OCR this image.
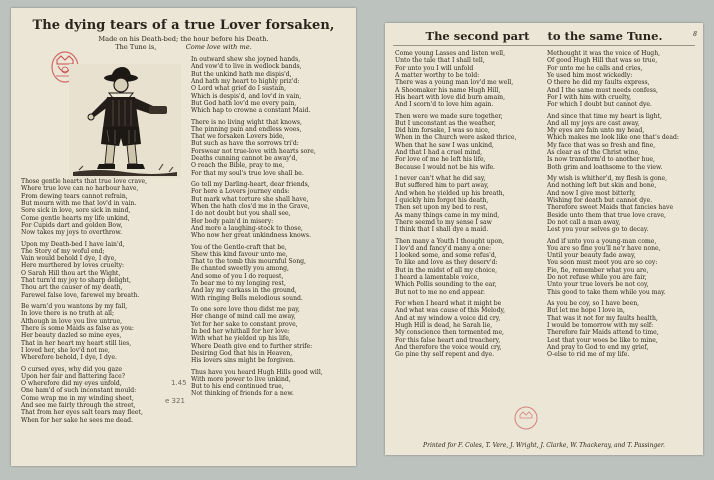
The dying tears of a true Lover forsaken,
Made on his Death-bed; the hour before his Death.
The Tune is,	Come love with me.
Those gentle hearts that true love crave,
Where true love can no harbour have,
From dewing tears cannot refrain,
But mourn with me that lov'd in vain.
Sore sick in love, sore sick in mind,
Come gentle hearts my life unkind,
For Cupids dart and golden Bow,
Now takes my joys to overthrow.
Upon my Death-bed I have lain'd,
The Story of my woful end;
Vain would behold I dye, I dye,
Here murthered by loves cruelty:
O Sarah Hill thou art the Wight,
That turn'd my joy to sharp delight,
Thou art the causer of my death,
Farewel false love, farewel my breath.
Be warn'd you wantons by my fall,
In love there is no truth at all;
Although in love you live untrue,
There is some Maids as false as you:
Her beauty dazled so mine eyes,
That in her heart my heart still lies,
I loved her, she lov'd not me,
Wherefore behold, I dye, I dye.
O cursed eyes, why did you gaze
Upon her fair and flattering face?
O wherefore did my eyes unfold,
One ham'd of such inconstant mould:
Come wrap me in my winding sheet,
And see me fairly through the street,
That from her eyes salt tears may fleet,
When for her sake he sees me dead.
In outward shew she joyned hands,
And vow'd to live in wedlock bands,
But the unkind hath me dispis'd,
And hath my heart to highly priz'd:
O Lord what grief do I sustain,
Which is despis'd, and lov'd in vain,
But God hath lov'd me every pain,
Which hap to crowne a constant Maid.
There is no living wight that knows,
The pinning pain and endless woes,
That we forsaken Lovers bide,
But such as have the sorrows tri'd:
Forswear not true-love with hearts sore,
Deaths cunning cannot be away'd,
O reach the Bible, pray to me,
For that my soul's true love shall be.
Go tell my Darling-heart, dear friends,
For here a Lovers journey ends:
But mark what torture she shall have,
When the hath clos'd me in the Grave,
I do not doubt but you shall see,
Her body pain'd in misery:
And more a laughing-stock to those,
Who now her great unkindness knows.
You of the Gentle-craft that be,
Shew this kind favour unto me,
That to the tomb this mournful Song,
Be chanted sweetly you among,
And some of you I do request,
To bear me to my longing rest,
And lay my carkass in the ground,
With ringing Bells melodious sound.
To one sore love thou didst me pay,
Her change of mind call me away,
Yet for her sake to constant prove,
In bed her whithall for her love:
With what he yielded up his life,
Where Death give end to further strife:
Desiring God that his in Heaven,
His lovers sins might be forgiven.
Thus have you heard Hugh Hills good will,
With more power to live unkind,
But to his end continued true,
Not thinking of friends for a new.
1.45
e 321
The second part to the same Tune.	8
Come young Lasses and listen well,
Unto the tale that I shall tell,
For unto you I will unfold
A matter worthy to be told:
There was a young man lov'd me well,
A Shoomaker his name Hugh Hill,
His heart with love did burn amain,
And I scorn'd to love him again.
Then were we made sure together,
But I unconstant as the weather,
Did him forsake, I was so nice,
When in the Church were asked thrice,
When that he saw I was unkind,
And that I had a cruel mind,
For love of me he left his life,
Because I would not be his wife.
I never can't what he did say,
But suffered him to part away,
And when he yielded up his breath,
I quickly him forgot his death,
Then set upon my bed to rest,
As many things came in my mind,
There seemd to my sense I saw
I think that I shall dye a maid.
Then many a Youth I thought upon,
I lov'd and fancy'd many a one:
I looked some, and some refus'd,
To like and love as they deserv'd:
But in the midst of all my choice,
I heard a lamentable voice,
Which Pollis sounding to the ear,
But not to me no end appear.
For when I heard what it might be
And what was cause of this Melody,
And at my window a voice did cry,
Hugh Hill is dead, he Sarah lie,
My conscience then tormented me,
For this false heart and treachery,
And therefore the voice would cry,
Go pine thy self repent and dye.
Methought it was the voice of Hugh,
Of good Hugh Hill that was so true,
For unto me he calls and cries,
Ye used him most wickedly:
O there he did my faults express,
And I the same must needs confess,
For I with him with cruelty,
For which I doubt but cannot dye.
And since that time my heart is light,
And all my joys are cast away,
My eyes are fain unto my head,
Which makes me look like one that's dead:
My face that was so fresh and fine,
As clear as of the Christ wine,
Is now transform'd to another hue,
Both grim and loathsome to the view.
My wish is whither'd, my flesh is gone,
And nothing left but skin and bone,
And now I give most bitterly,
Wishing for death but cannot dye.
Therefore sweet Maids that fancies have
Beside unto them that true love crave,
Do not call a man away,
Lest you your selves go to decay.
And if unto you a young-man come,
You are so fine you'll ne'r have none,
Until your beauty fade away,
You soon must meet you are so coy:
Fie, fie, remember what you are,
Do not refuse while you are fair,
Unto your true lovers be not coy,
This good to take them while you may.
As you be coy, so I have been,
But let me hope I love in,
That was it not for my faults health,
I would be tomorrow with my self:
Therefore fair Maids attend to time,
Lest that your woes be like to mine,
And pray to God to end my grief,
O-else to rid me of my life.
Printed for F. Coles, T. Vere, J. Wright, J. Clarke, W. Thackeray, and T. Passinger.
